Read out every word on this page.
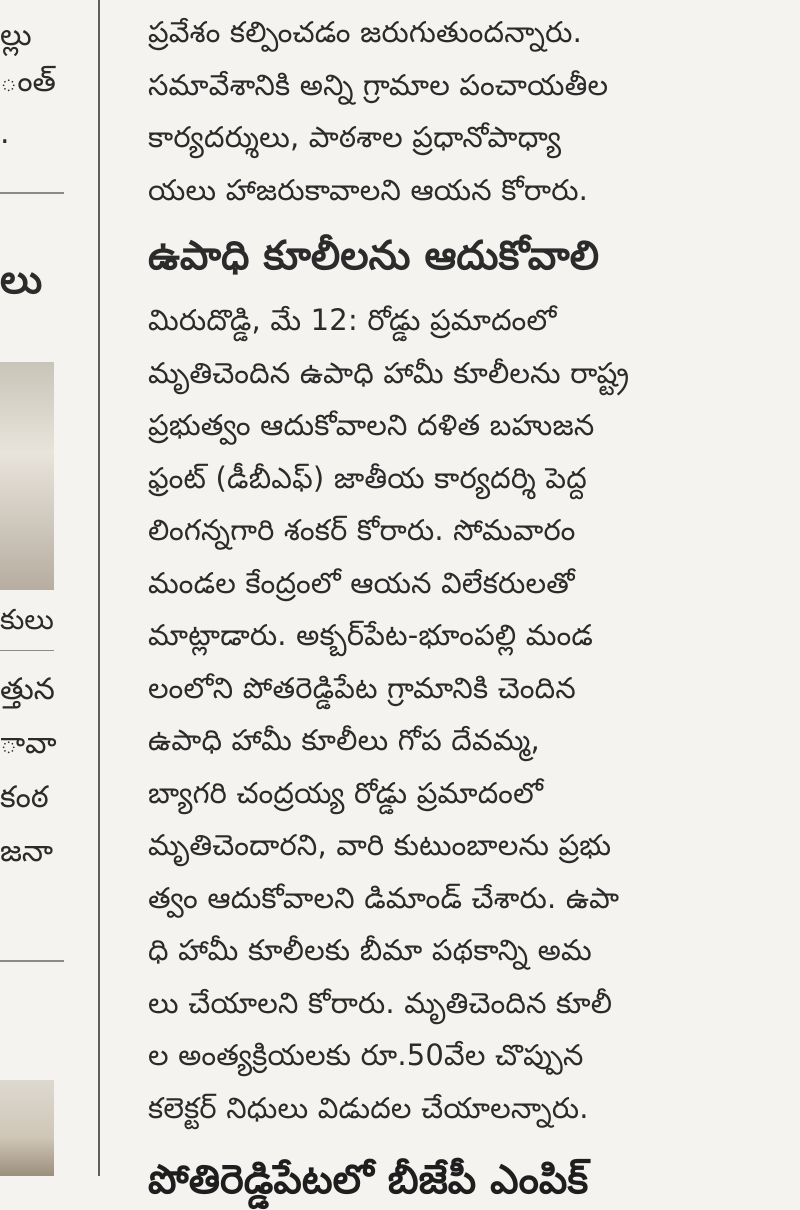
ల్లు
ంత్
.
లు
కులు
త్తున
ావా
కంఠ
జనా
ప్రవేశం కల్పించడం జరుగుతుందన్నారు.
సమావేశానికి అన్ని గ్రామాల పంచాయతీల
కార్యదర్శులు, పాఠశాల ప్రధానోపాధ్యా
యలు హాజరుకావాలని ఆయన కోరారు.
ఉపాధి కూలీలను ఆదుకోవాలి
మిరుదొడ్డి, మే 12: రోడ్డు ప్రమాదంలో
మృతిచెందిన ఉపాధి హామీ కూలీలను రాష్ట్ర
ప్రభుత్వం ఆదుకోవాలని దళిత బహుజన
ఫ్రంట్ (డీబీఎఫ్) జాతీయ కార్యదర్శి పెద్ద
లింగన్నగారి శంకర్ కోరారు. సోమవారం
మండల కేంద్రంలో ఆయన విలేకరులతో
మాట్లాడారు. అక్బర్‌పేట-భూంపల్లి మండ
లంలోని పోతరెడ్డిపేట గ్రామానికి చెందిన
ఉపాధి హామీ కూలీలు గోప దేవమ్మ,
బ్యాగరి చంద్రయ్య రోడ్డు ప్రమాదంలో
మృతిచెందారని, వారి కుటుంబాలను ప్రభు
త్వం ఆదుకోవాలని డిమాండ్ చేశారు. ఉపా
ధి హామీ కూలీలకు బీమా పథకాన్ని అమ
లు చేయాలని కోరారు. మృతిచెందిన కూలీ
ల అంత్యక్రియలకు రూ.50వేల చొప్పున
కలెక్టర్ నిధులు విడుదల చేయాలన్నారు.
పోతిరెడ్డిపేటలో బీజేపీ ఎంపిక్
